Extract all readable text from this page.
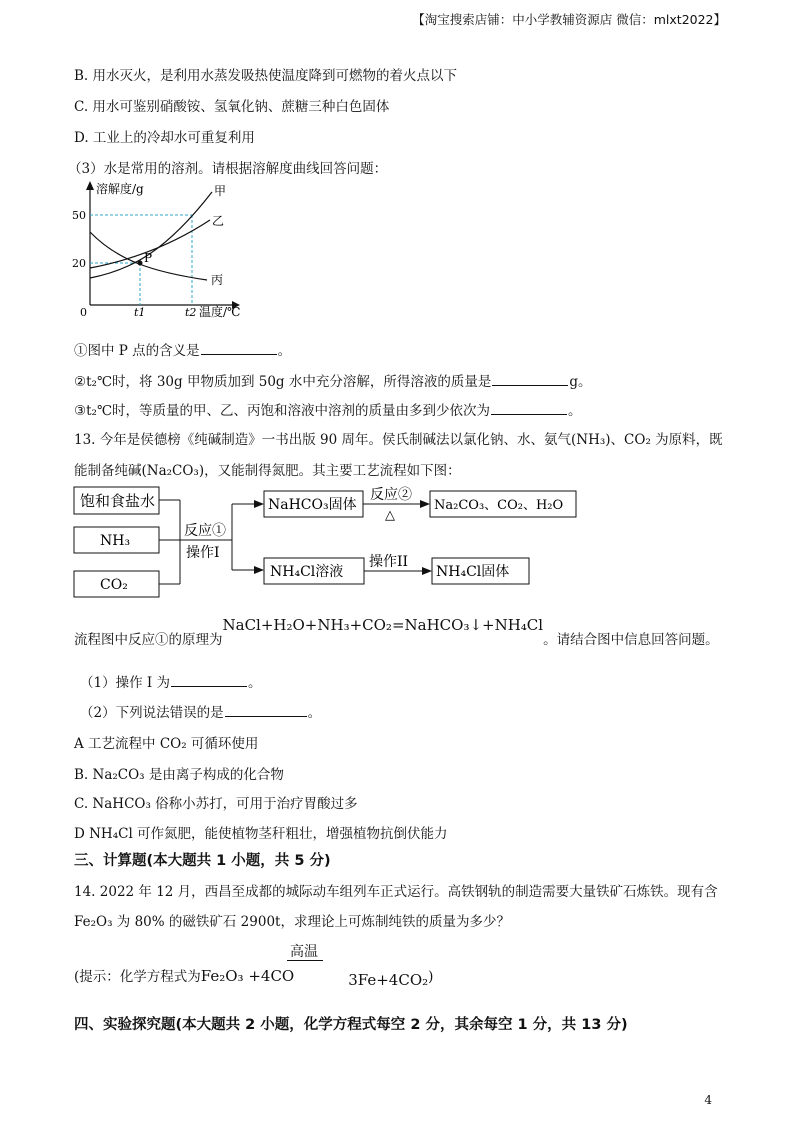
【淘宝搜索店铺：中小学教辅资源店 微信：mlxt2022】
B. 用水灭火，是利用水蒸发吸热使温度降到可燃物的着火点以下
C. 用水可鉴别硝酸铵、氢氧化钠、蔗糖三种白色固体
D. 工业上的冷却水可重复利用
（3）水是常用的溶剂。请根据溶解度曲线回答问题：
溶解度/g
温度/℃
0
50
20
t1	t2
P
甲
乙
丙
①图中 P 点的含义是	。
②t₂℃时，将 30g 甲物质加到 50g 水中充分溶解，所得溶液的质量是	g。
③t₂℃时，等质量的甲、乙、丙饱和溶液中溶剂的质量由多到少依次为	。
13. 今年是侯德榜《纯碱制造》一书出版 90 周年。侯氏制碱法以氯化钠、水、氨气(NH₃)、CO₂ 为原料，既
能制备纯碱(Na₂CO₃)，又能制得氮肥。其主要工艺流程如下图：
饱和食盐水
NH₃
CO₂
反应①
操作I
NaHCO₃固体
反应②
△
Na₂CO₃、CO₂、H₂O
NH₄Cl溶液
操作II
NH₄Cl固体
流程图中反应①的原理为NaCl+H₂O+NH₃+CO₂=NaHCO₃↓+NH₄Cl。请结合图中信息回答问题。
（1）操作 I 为	。
（2）下列说法错误的是	。
A 工艺流程中 CO₂ 可循环使用
B. Na₂CO₃ 是由离子构成的化合物
C. NaHCO₃ 俗称小苏打，可用于治疗胃酸过多
D NH₄Cl 可作氮肥，能使植物茎秆粗壮，增强植物抗倒伏能力
三、计算题(本大题共 1 小题，共 5 分)
14. 2022 年 12 月，西昌至成都的城际动车组列车正式运行。高铁钢轨的制造需要大量铁矿石炼铁。现有含
Fe₂O₃ 为 80% 的磁铁矿石 2900t，求理论上可炼制纯铁的质量为多少？
高温
(提示：化学方程式为Fe₂O₃ +4CO	3Fe+4CO₂)
四、实验探究题(本大题共 2 小题，化学方程式每空 2 分，其余每空 1 分，共 13 分)
4
